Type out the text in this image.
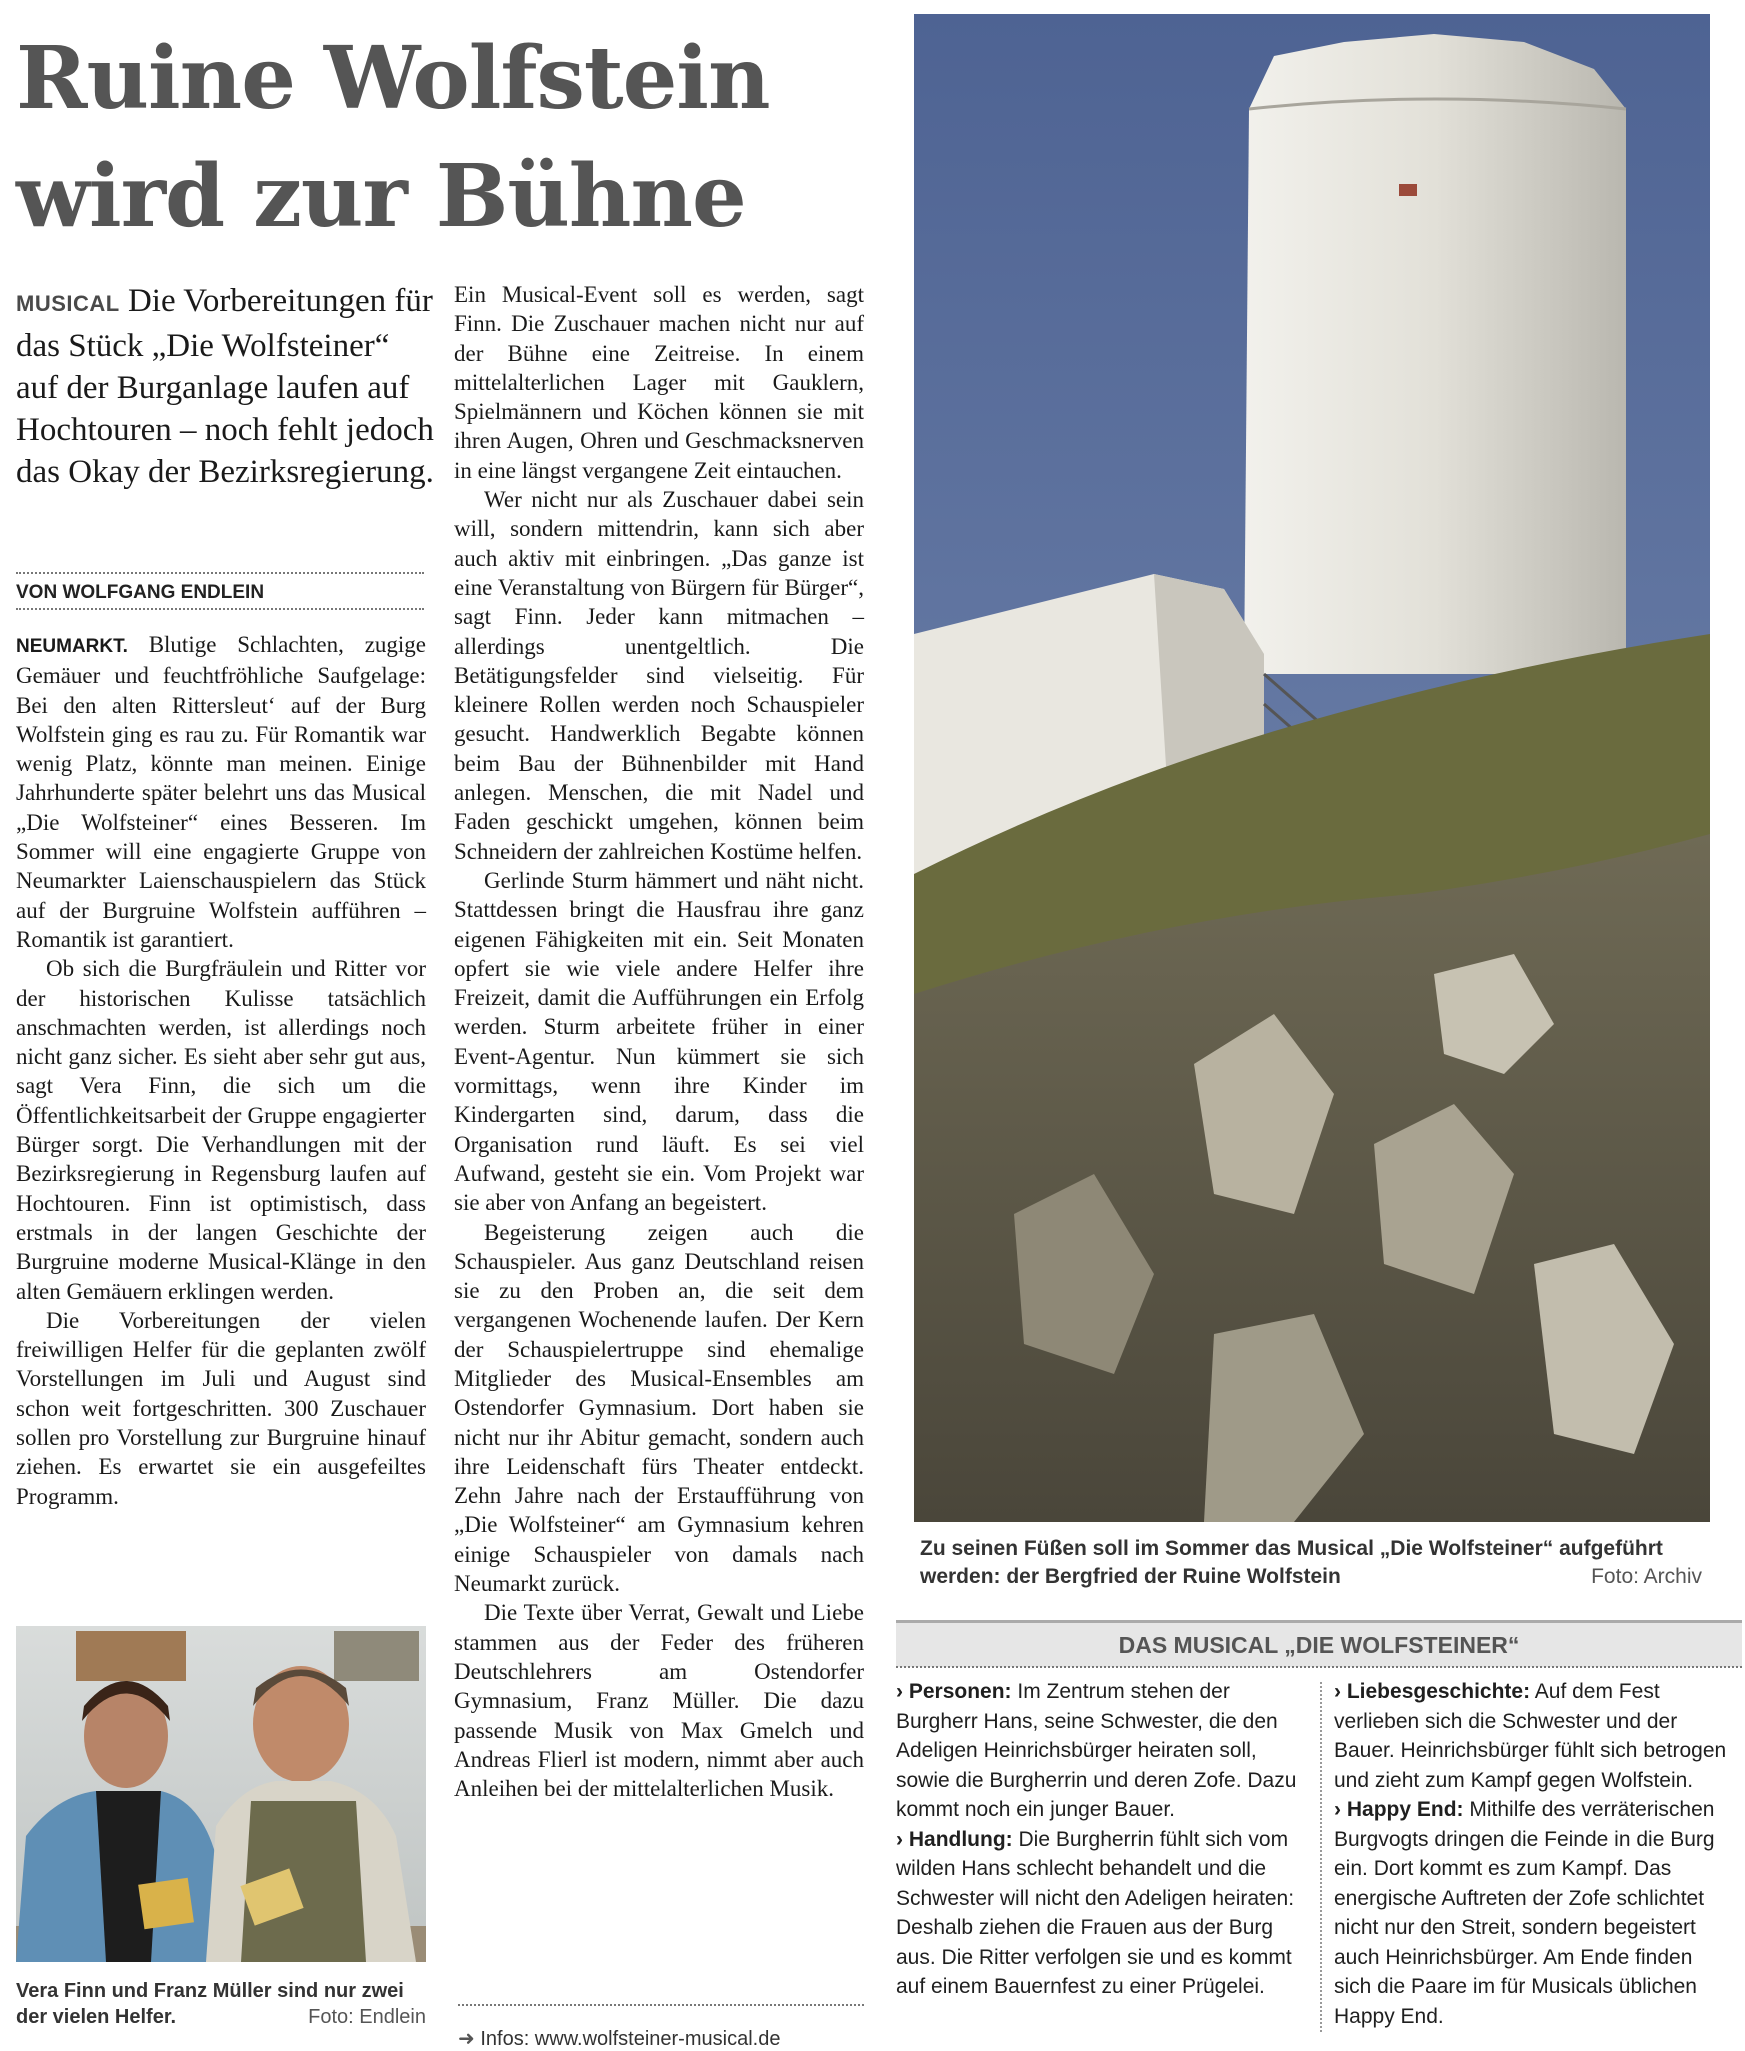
Ruine Wolfstein
wird zur Bühne
MUSICAL Die Vorbereitungen für das Stück „Die Wolfsteiner“ auf der Burganlage laufen auf Hochtouren – noch fehlt jedoch das Okay der Bezirksregierung.
VON WOLFGANG ENDLEIN

NEUMARKT. Blutige Schlachten, zugige Gemäuer und feuchtfröhliche Saufgelage: Bei den alten Rittersleut‘ auf der Burg Wolfstein ging es rau zu. Für Romantik war wenig Platz, könnte man meinen. Einige Jahrhunderte später belehrt uns das Musical „Die Wolfsteiner“ eines Besseren. Im Sommer will eine engagierte Gruppe von Neumarkter Laienschauspielern das Stück auf der Burgruine Wolfstein aufführen – Romantik ist garantiert.

Ob sich die Burgfräulein und Ritter vor der historischen Kulisse tatsächlich anschmachten werden, ist allerdings noch nicht ganz sicher. Es sieht aber sehr gut aus, sagt Vera Finn, die sich um die Öffentlichkeitsarbeit der Gruppe engagierter Bürger sorgt. Die Verhandlungen mit der Bezirksregierung in Regensburg laufen auf Hochtouren. Finn ist optimistisch, dass erstmals in der langen Geschichte der Burgruine moderne Musical-Klänge in den alten Gemäuern erklingen werden.

Die Vorbereitungen der vielen freiwilligen Helfer für die geplanten zwölf Vorstellungen im Juli und August sind schon weit fortgeschritten. 300 Zuschauer sollen pro Vorstellung zur Burgruine hinauf ziehen. Es erwartet sie ein ausgefeiltes Programm.

Vera Finn und Franz Müller sind nur zwei der vielen Helfer.	Foto: Endlein

Ein Musical-Event soll es werden, sagt Finn. Die Zuschauer machen nicht nur auf der Bühne eine Zeitreise. In einem mittelalterlichen Lager mit Gauklern, Spielmännern und Köchen können sie mit ihren Augen, Ohren und Geschmacksnerven in eine längst vergangene Zeit eintauchen.

Wer nicht nur als Zuschauer dabei sein will, sondern mittendrin, kann sich aber auch aktiv mit einbringen. „Das ganze ist eine Veranstaltung von Bürgern für Bürger“, sagt Finn. Jeder kann mitmachen – allerdings unentgeltlich. Die Betätigungsfelder sind vielseitig. Für kleinere Rollen werden noch Schauspieler gesucht. Handwerklich Begabte können beim Bau der Bühnenbilder mit Hand anlegen. Menschen, die mit Nadel und Faden geschickt umgehen, können beim Schneidern der zahlreichen Kostüme helfen.

Gerlinde Sturm hämmert und näht nicht. Stattdessen bringt die Hausfrau ihre ganz eigenen Fähigkeiten mit ein. Seit Monaten opfert sie wie viele andere Helfer ihre Freizeit, damit die Aufführungen ein Erfolg werden. Sturm arbeitete früher in einer Event-Agentur. Nun kümmert sie sich vormittags, wenn ihre Kinder im Kindergarten sind, darum, dass die Organisation rund läuft. Es sei viel Aufwand, gesteht sie ein. Vom Projekt war sie aber von Anfang an begeistert.

Begeisterung zeigen auch die Schauspieler. Aus ganz Deutschland reisen sie zu den Proben an, die seit dem vergangenen Wochenende laufen. Der Kern der Schauspielertruppe sind ehemalige Mitglieder des Musical-Ensembles am Ostendorfer Gymnasium. Dort haben sie nicht nur ihr Abitur gemacht, sondern auch ihre Leidenschaft fürs Theater entdeckt. Zehn Jahre nach der Erstaufführung von „Die Wolfsteiner“ am Gymnasium kehren einige Schauspieler von damals nach Neumarkt zurück.

Die Texte über Verrat, Gewalt und Liebe stammen aus der Feder des früheren Deutschlehrers am Ostendorfer Gymnasium, Franz Müller. Die dazu passende Musik von Max Gmelch und Andreas Flierl ist modern, nimmt aber auch Anleihen bei der mittelalterlichen Musik.

➜ Infos: www.wolfsteiner-musical.de
Zu seinen Füßen soll im Sommer das Musical „Die Wolfsteiner“ aufgeführt werden: der Bergfried der Ruine Wolfstein	Foto: Archiv
DAS MUSICAL „DIE WOLFSTEINER“

› Personen: Im Zentrum stehen der Burgherr Hans, seine Schwester, die den Adeligen Heinrichsbürger heiraten soll, sowie die Burgherrin und deren Zofe. Dazu kommt noch ein junger Bauer.

› Handlung: Die Burgherrin fühlt sich vom wilden Hans schlecht behandelt und die Schwester will nicht den Adeligen heiraten: Deshalb ziehen die Frauen aus der Burg aus. Die Ritter verfolgen sie und es kommt auf einem Bauernfest zu einer Prügelei.

› Liebesgeschichte: Auf dem Fest verlieben sich die Schwester und der Bauer. Heinrichsbürger fühlt sich betrogen und zieht zum Kampf gegen Wolfstein.

› Happy End: Mithilfe des verräterischen Burgvogts dringen die Feinde in die Burg ein. Dort kommt es zum Kampf. Das energische Auftreten der Zofe schlichtet nicht nur den Streit, sondern begeistert auch Heinrichsbürger. Am Ende finden sich die Paare im für Musicals üblichen Happy End.
